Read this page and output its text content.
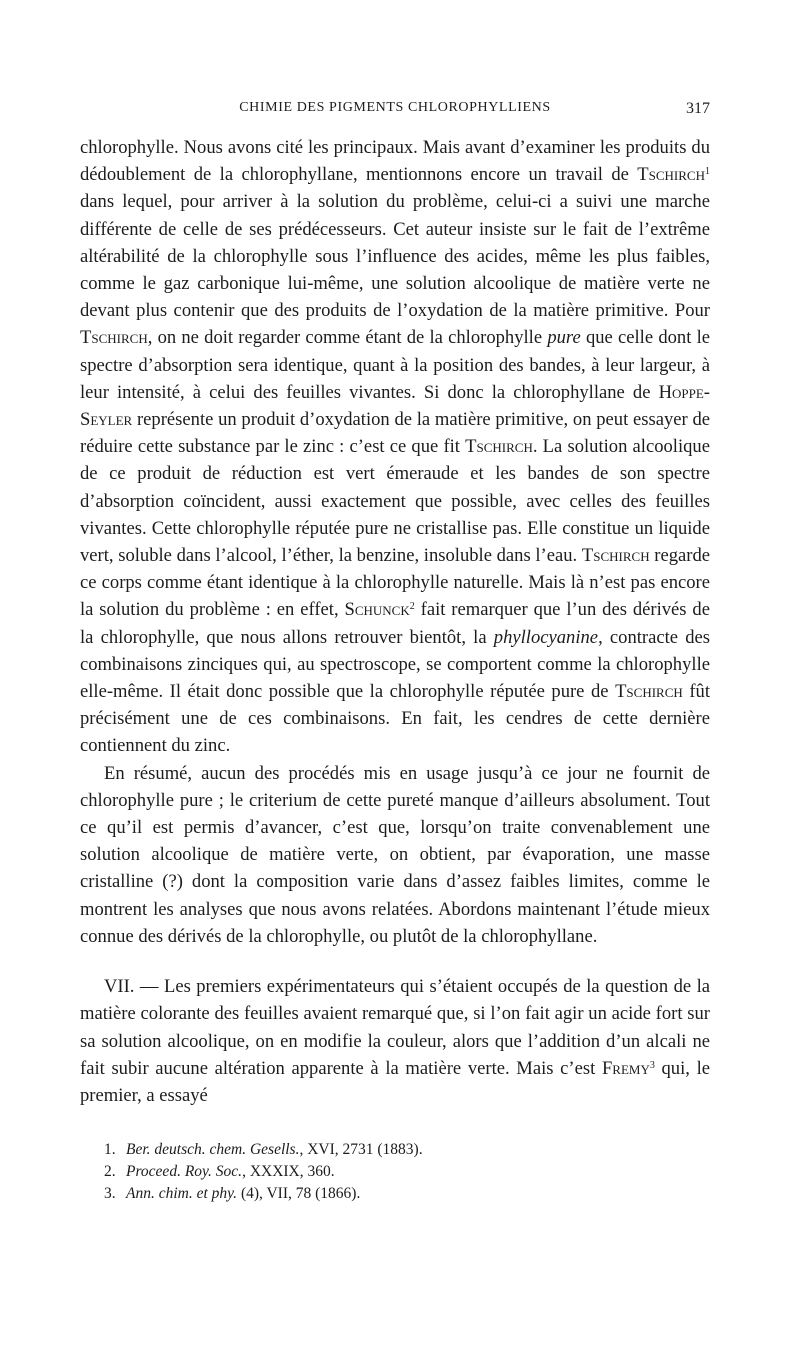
CHIMIE DES PIGMENTS CHLOROPHYLLIENS	317

chlorophylle. Nous avons cité les principaux. Mais avant d’examiner les produits du dédoublement de la chlorophyllane, mentionnons encore un travail de Tschirch$^1$ dans lequel, pour arriver à la solution du problème, celui-ci a suivi une marche différente de celle de ses prédécesseurs. Cet auteur insiste sur le fait de l’extrême altérabilité de la chlorophylle sous l’influence des acides, même les plus faibles, comme le gaz carbonique lui-même, une solution alcoolique de matière verte ne devant plus contenir que des produits de l’oxydation de la matière primitive. Pour Tschirch, on ne doit regarder comme étant de la chlorophylle pure que celle dont le spectre d’absorption sera identique, quant à la position des bandes, à leur largeur, à leur intensité, à celui des feuilles vivantes. Si donc la chlorophyllane de Hoppe-Seyler représente un produit d’oxydation de la matière primitive, on peut essayer de réduire cette substance par le zinc : c’est ce que fit Tschirch. La solution alcoolique de ce produit de réduction est vert émeraude et les bandes de son spectre d’absorption coïncident, aussi exactement que possible, avec celles des feuilles vivantes. Cette chlorophylle réputée pure ne cristallise pas. Elle constitue un liquide vert, soluble dans l’alcool, l’éther, la benzine, insoluble dans l’eau. Tschirch regarde ce corps comme étant identique à la chlorophylle naturelle. Mais là n’est pas encore la solution du problème : en effet, Schunck$^2$ fait remarquer que l’un des dérivés de la chlorophylle, que nous allons retrouver bientôt, la phyllocyanine, contracte des combinaisons zinciques qui, au spectroscope, se comportent comme la chlorophylle elle-même. Il était donc possible que la chlorophylle réputée pure de Tschirch fût précisément une de ces combinaisons. En fait, les cendres de cette dernière contiennent du zinc.

En résumé, aucun des procédés mis en usage jusqu’à ce jour ne fournit de chlorophylle pure ; le criterium de cette pureté manque d’ailleurs absolument. Tout ce qu’il est permis d’avancer, c’est que, lorsqu’on traite convenablement une solution alcoolique de matière verte, on obtient, par évaporation, une masse cristalline (?) dont la composition varie dans d’assez faibles limites, comme le montrent les analyses que nous avons relatées. Abordons maintenant l’étude mieux connue des dérivés de la chlorophylle, ou plutôt de la chlorophyllane.

VII. — Les premiers expérimentateurs qui s’étaient occupés de la question de la matière colorante des feuilles avaient remarqué que, si l’on fait agir un acide fort sur sa solution alcoolique, on en modifie la couleur, alors que l’addition d’un alcali ne fait subir aucune altération apparente à la matière verte. Mais c’est Fremy$^3$ qui, le premier, a essayé

1. Ber. deutsch. chem. Gesells., XVI, 2731 (1883).
2. Proceed. Roy. Soc., XXXIX, 360.
3. Ann. chim. et phy. (4), VII, 78 (1866).
